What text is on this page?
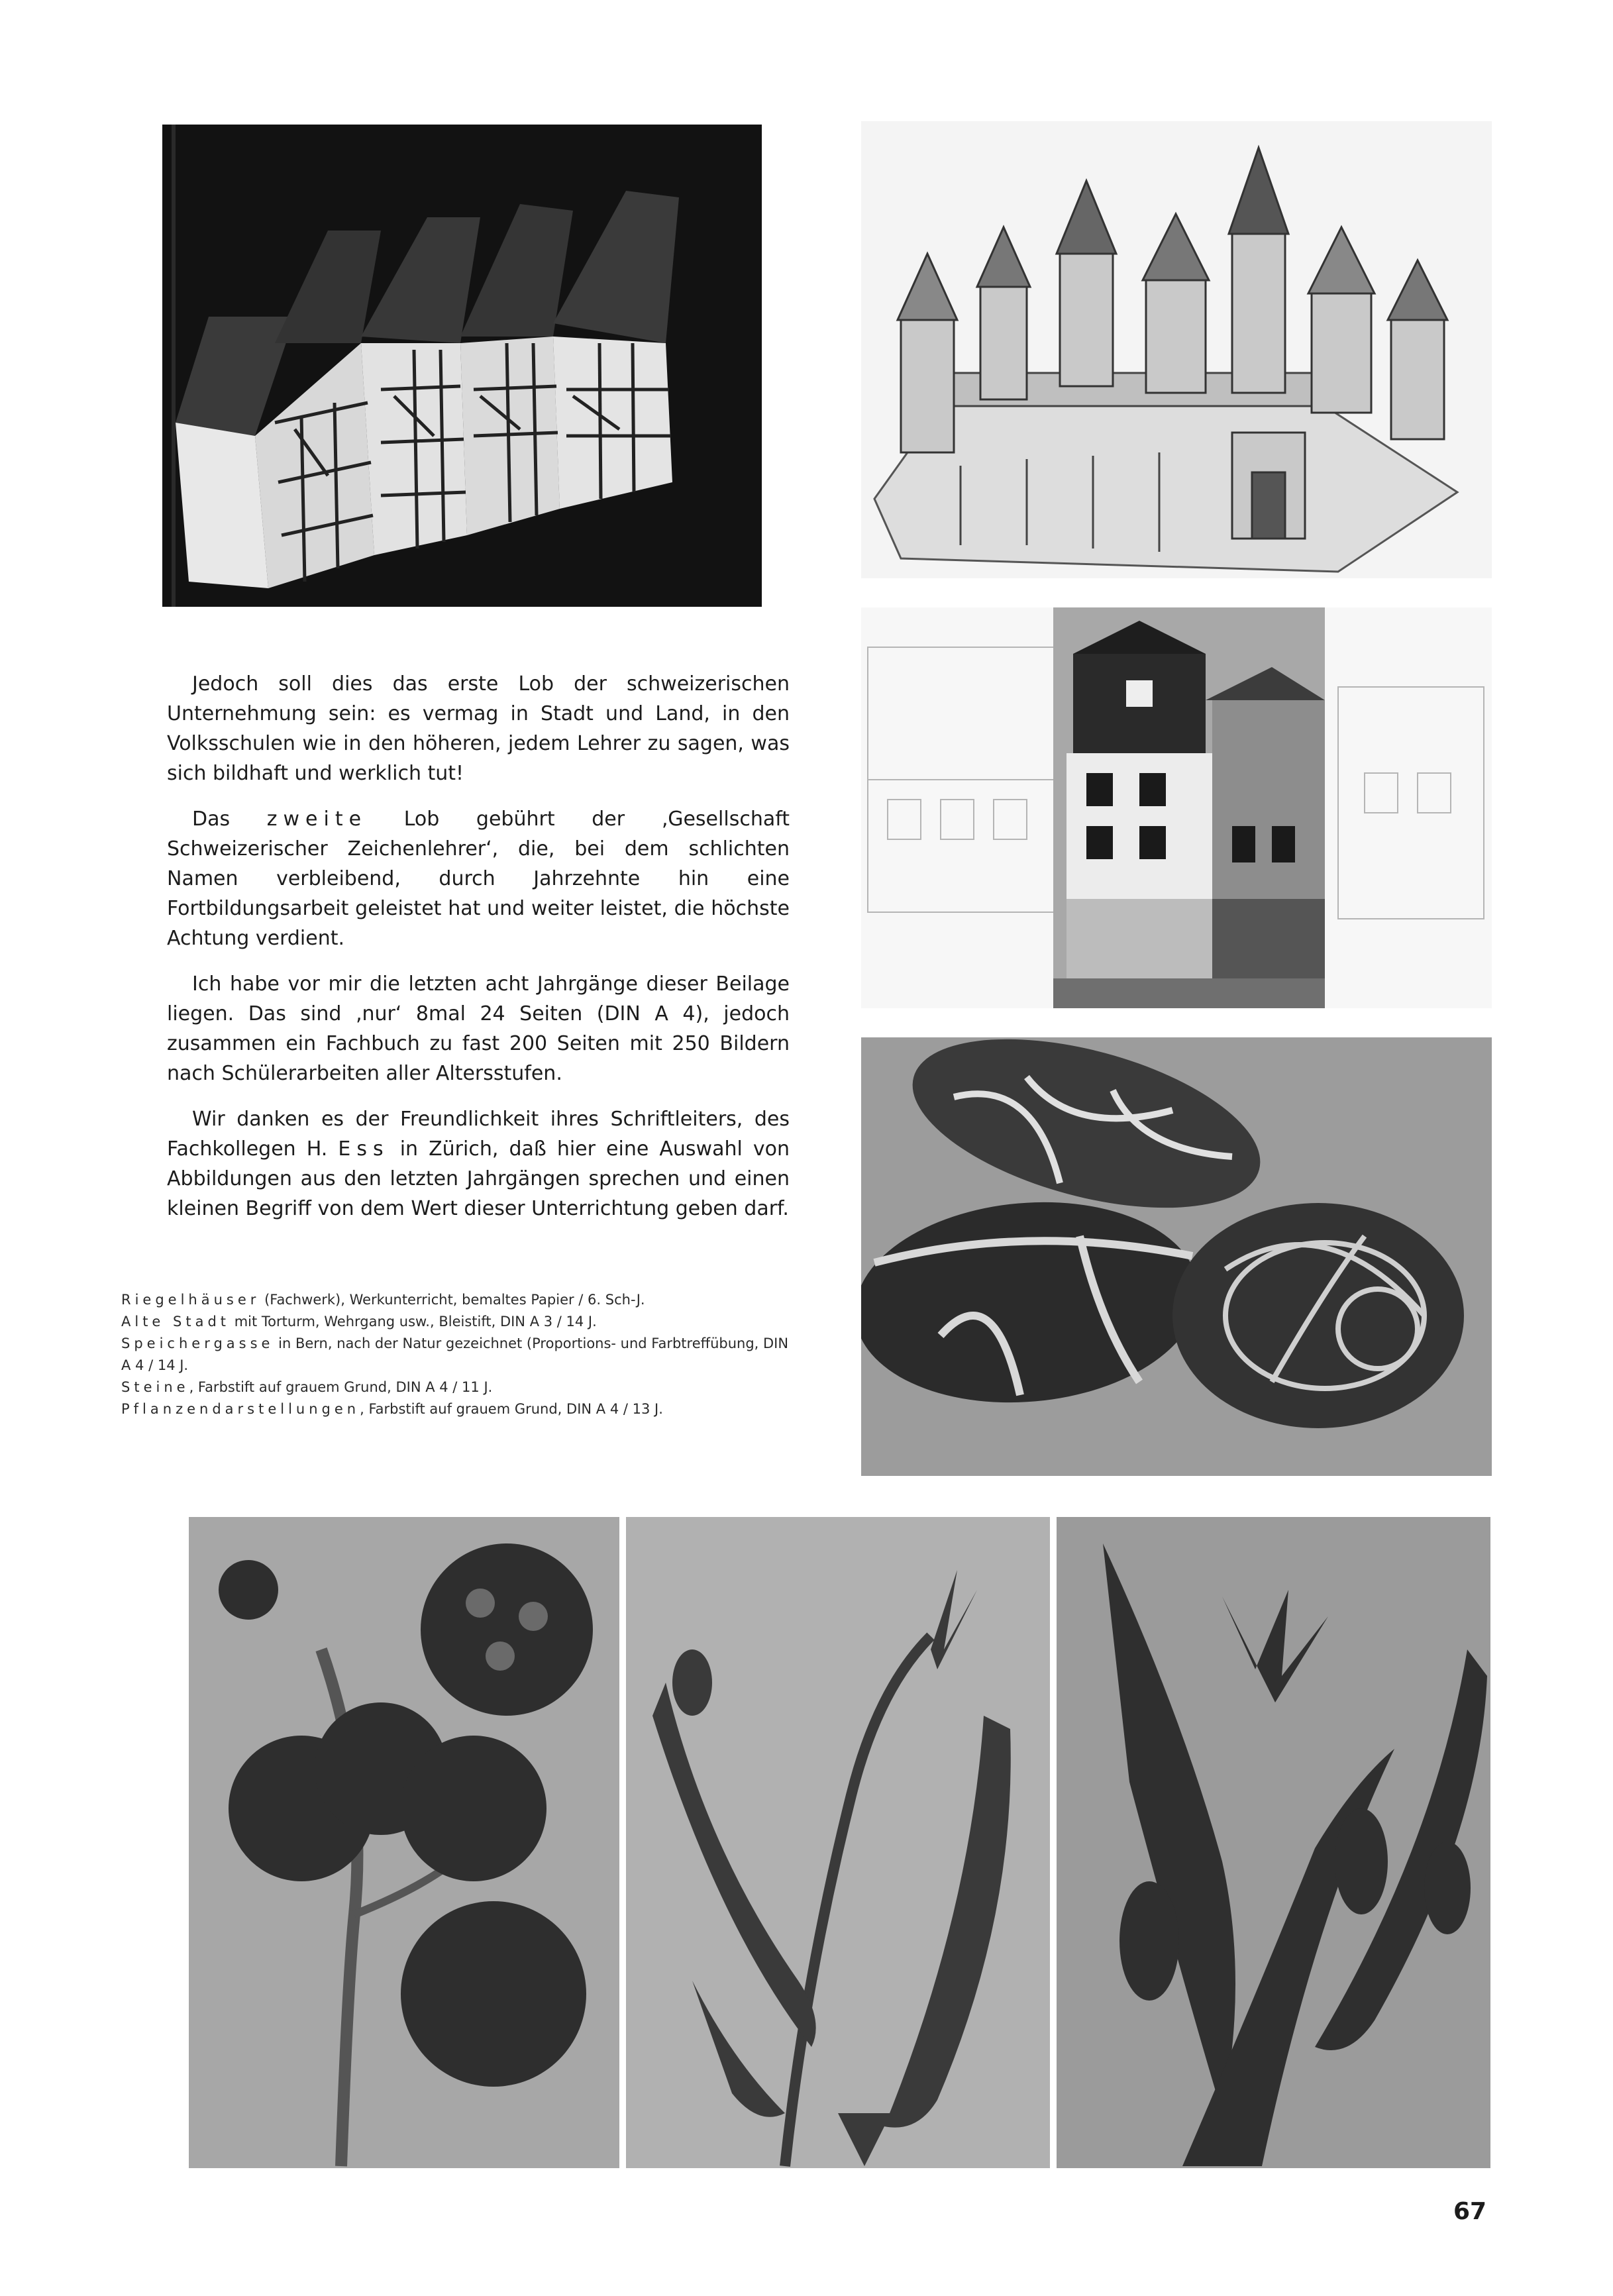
Jedoch soll dies das erste Lob der schweizerischen Unternehmung sein: es vermag in Stadt und Land, in den Volksschulen wie in den höheren, jedem Lehrer zu sagen, was sich bildhaft und werklich tut!

Das zweite Lob gebührt der ‚Gesellschaft Schweizerischer Zeichenlehrer‘, die, bei dem schlichten Namen verbleibend, durch Jahrzehnte hin eine Fortbildungsarbeit geleistet hat und weiter leistet, die höchste Achtung verdient.

Ich habe vor mir die letzten acht Jahrgänge dieser Beilage liegen. Das sind ‚nur‘ 8mal 24 Seiten (DIN A 4), jedoch zusammen ein Fachbuch zu fast 200 Seiten mit 250 Bildern nach Schülerarbeiten aller Altersstufen.

Wir danken es der Freundlichkeit ihres Schriftleiters, des Fachkollegen H. Ess in Zürich, daß hier eine Auswahl von Abbildungen aus den letzten Jahrgängen sprechen und einen kleinen Begriff von dem Wert dieser Unterrichtung geben darf.

Riegelhäuser (Fachwerk), Werkunterricht, bemaltes Papier / 6. Sch-J.
Alte Stadt mit Torturm, Wehrgang usw., Bleistift, DIN A 3 / 14 J.
Speichergasse in Bern, nach der Natur gezeichnet (Proportions- und Farbtreffübung, DIN A 4 / 14 J.
Steine, Farbstift auf grauem Grund, DIN A 4 / 11 J.
Pflanzendarstellungen, Farbstift auf grauem Grund, DIN A 4 / 13 J.
67
